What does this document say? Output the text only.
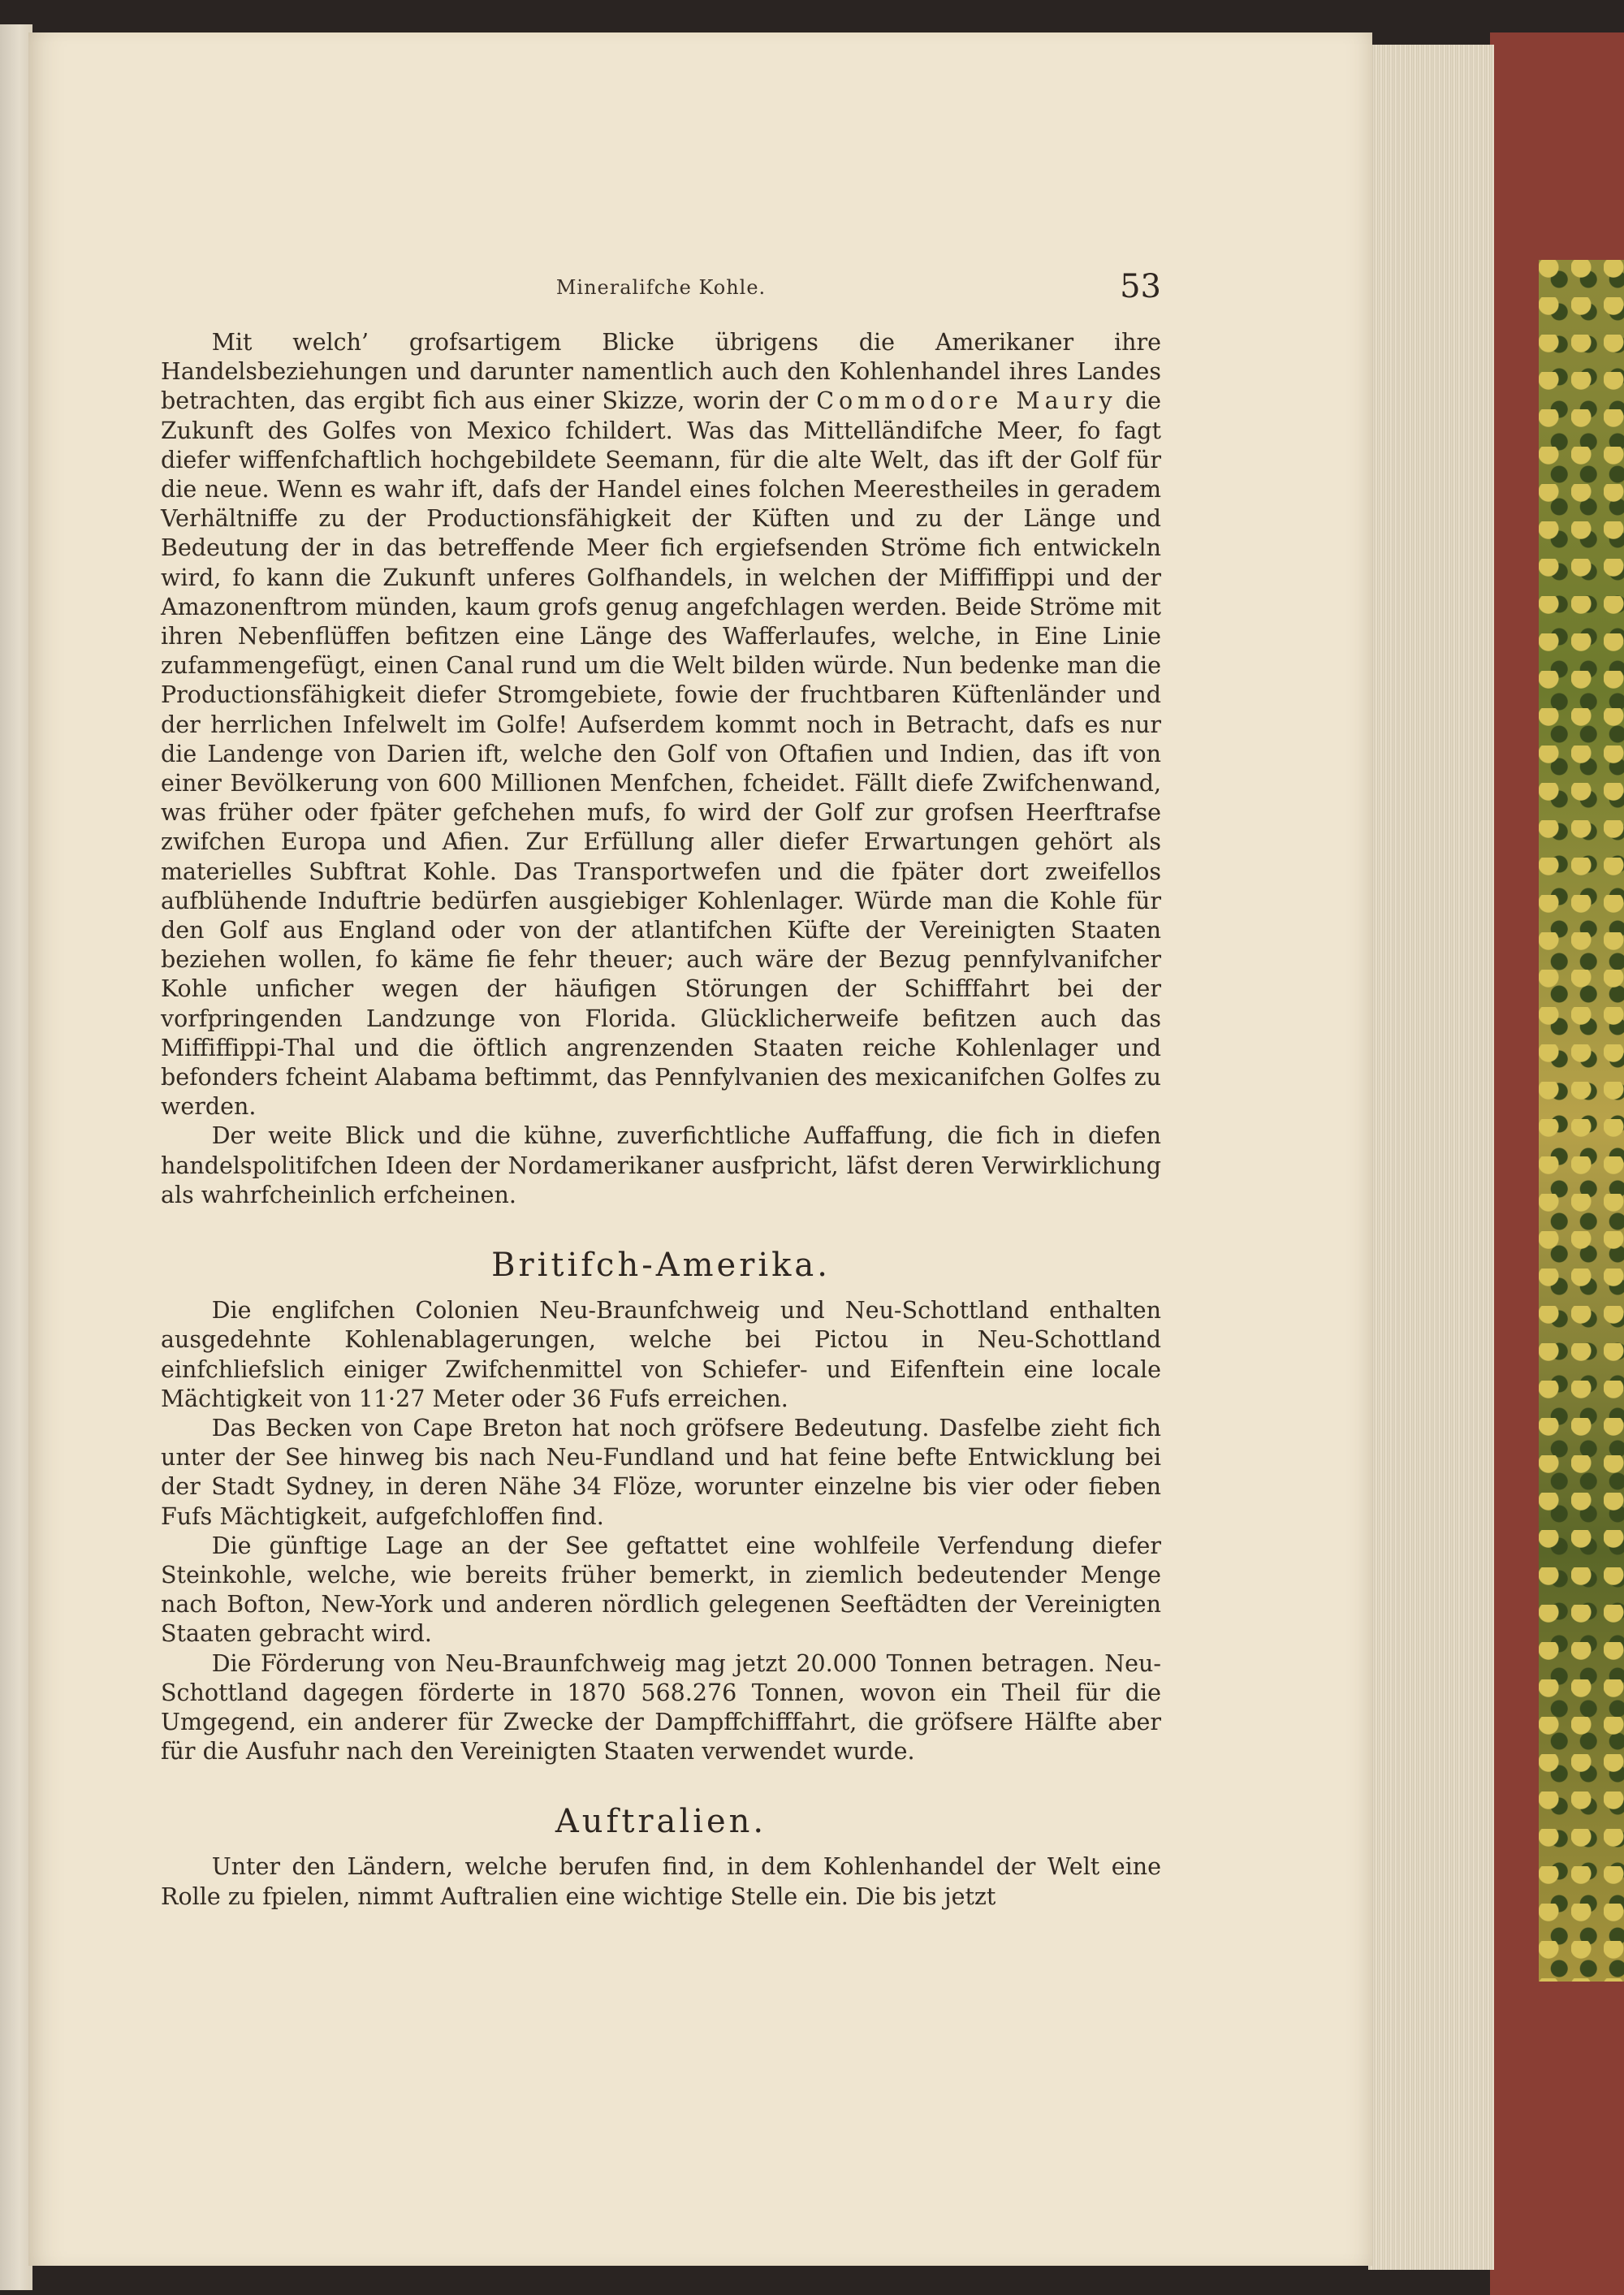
Mineralifche Kohle.	53

Mit welch’ grofsartigem Blicke übrigens die Amerikaner ihre Handelsbeziehungen und darunter namentlich auch den Kohlenhandel ihres Landes betrachten, das ergibt fich aus einer Skizze, worin der Commodore Maury die Zukunft des Golfes von Mexico fchildert. Was das Mittelländifche Meer, fo fagt diefer wiffenfchaftlich hochgebildete Seemann, für die alte Welt, das ift der Golf für die neue. Wenn es wahr ift, dafs der Handel eines folchen Meerestheiles in geradem Verhältniffe zu der Productionsfähigkeit der Küften und zu der Länge und Bedeutung der in das betreffende Meer fich ergiefsenden Ströme fich entwickeln wird, fo kann die Zukunft unferes Golfhandels, in welchen der Miffiffippi und der Amazonenftrom münden, kaum grofs genug angefchlagen werden. Beide Ströme mit ihren Nebenflüffen befitzen eine Länge des Wafferlaufes, welche, in Eine Linie zufammengefügt, einen Canal rund um die Welt bilden würde. Nun bedenke man die Productionsfähigkeit diefer Stromgebiete, fowie der fruchtbaren Küftenländer und der herrlichen Infelwelt im Golfe! Aufserdem kommt noch in Betracht, dafs es nur die Landenge von Darien ift, welche den Golf von Oftafien und Indien, das ift von einer Bevölkerung von 600 Millionen Menfchen, fcheidet. Fällt diefe Zwifchenwand, was früher oder fpäter gefchehen mufs, fo wird der Golf zur grofsen Heerftrafse zwifchen Europa und Afien. Zur Erfüllung aller diefer Erwartungen gehört als materielles Subftrat Kohle. Das Transportwefen und die fpäter dort zweifellos aufblühende Induftrie bedürfen ausgiebiger Kohlenlager. Würde man die Kohle für den Golf aus England oder von der atlantifchen Küfte der Vereinigten Staaten beziehen wollen, fo käme fie fehr theuer; auch wäre der Bezug pennfylvanifcher Kohle unficher wegen der häufigen Störungen der Schifffahrt bei der vorfpringenden Landzunge von Florida. Glücklicherweife befitzen auch das Miffiffippi-Thal und die öftlich angrenzenden Staaten reiche Kohlenlager und befonders fcheint Alabama beftimmt, das Pennfylvanien des mexicanifchen Golfes zu werden.

Der weite Blick und die kühne, zuverfichtliche Auffaffung, die fich in diefen handelspolitifchen Ideen der Nordamerikaner ausfpricht, läfst deren Verwirklichung als wahrfcheinlich erfcheinen.

Britifch-Amerika.

Die englifchen Colonien Neu-Braunfchweig und Neu-Schottland enthalten ausgedehnte Kohlenablagerungen, welche bei Pictou in Neu-Schottland einfchliefslich einiger Zwifchenmittel von Schiefer- und Eifenftein eine locale Mächtigkeit von 11·27 Meter oder 36 Fufs erreichen.

Das Becken von Cape Breton hat noch gröfsere Bedeutung. Dasfelbe zieht fich unter der See hinweg bis nach Neu-Fundland und hat feine befte Entwicklung bei der Stadt Sydney, in deren Nähe 34 Flöze, worunter einzelne bis vier oder fieben Fufs Mächtigkeit, aufgefchloffen find.

Die günftige Lage an der See geftattet eine wohlfeile Verfendung diefer Steinkohle, welche, wie bereits früher bemerkt, in ziemlich bedeutender Menge nach Bofton, New-York und anderen nördlich gelegenen Seeftädten der Vereinigten Staaten gebracht wird.

Die Förderung von Neu-Braunfchweig mag jetzt 20.000 Tonnen betragen. Neu-Schottland dagegen förderte in 1870 568.276 Tonnen, wovon ein Theil für die Umgegend, ein anderer für Zwecke der Dampffchifffahrt, die gröfsere Hälfte aber für die Ausfuhr nach den Vereinigten Staaten verwendet wurde.

Auftralien.

Unter den Ländern, welche berufen find, in dem Kohlenhandel der Welt eine Rolle zu fpielen, nimmt Auftralien eine wichtige Stelle ein. Die bis jetzt
